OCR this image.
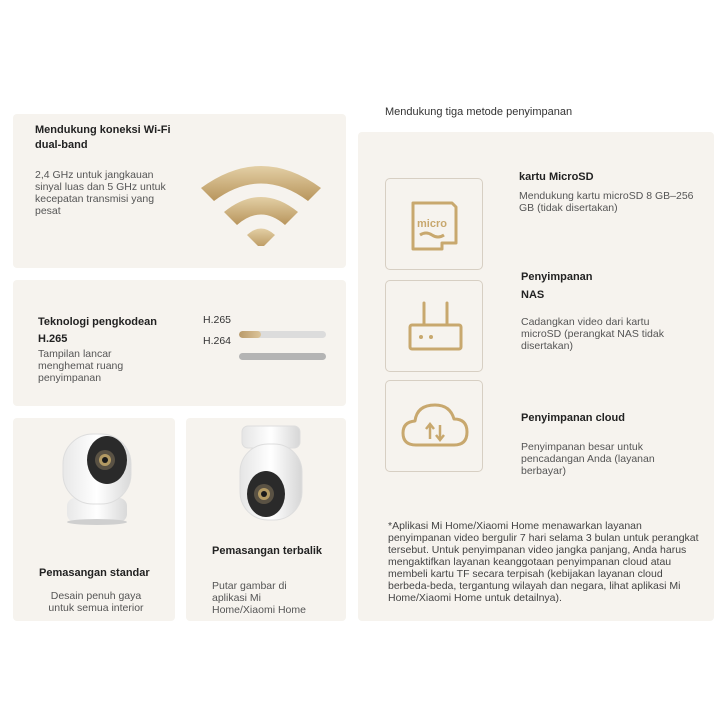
Mendukung koneksi Wi-Fi dual-band
2,4 GHz untuk jangkauan sinyal luas dan 5 GHz untuk kecepatan transmisi yang pesat
Teknologi pengkodean
H.265
Tampilan lancar menghemat ruang penyimpanan
H.265
H.264
Pemasangan standar
Desain penuh gaya untuk semua interior
Pemasangan terbalik
Putar gambar di aplikasi Mi Home/Xiaomi Home
micro
kartu MicroSD
Mendukung kartu microSD 8 GB–256 GB (tidak disertakan)
Penyimpanan
NAS
Cadangkan video dari kartu microSD (perangkat NAS tidak disertakan)
Penyimpanan cloud
Penyimpanan besar untuk pencadangan Anda (layanan berbayar)
*Aplikasi Mi Home/Xiaomi Home menawarkan layanan penyimpanan video bergulir 7 hari selama 3 bulan untuk perangkat tersebut. Untuk penyimpanan video jangka panjang, Anda harus mengaktifkan layanan keanggotaan penyimpanan cloud atau membeli kartu TF secara terpisah (kebijakan layanan cloud berbeda-beda, tergantung wilayah dan negara, lihat aplikasi Mi Home/Xiaomi Home untuk detailnya).
Mendukung tiga metode penyimpanan
